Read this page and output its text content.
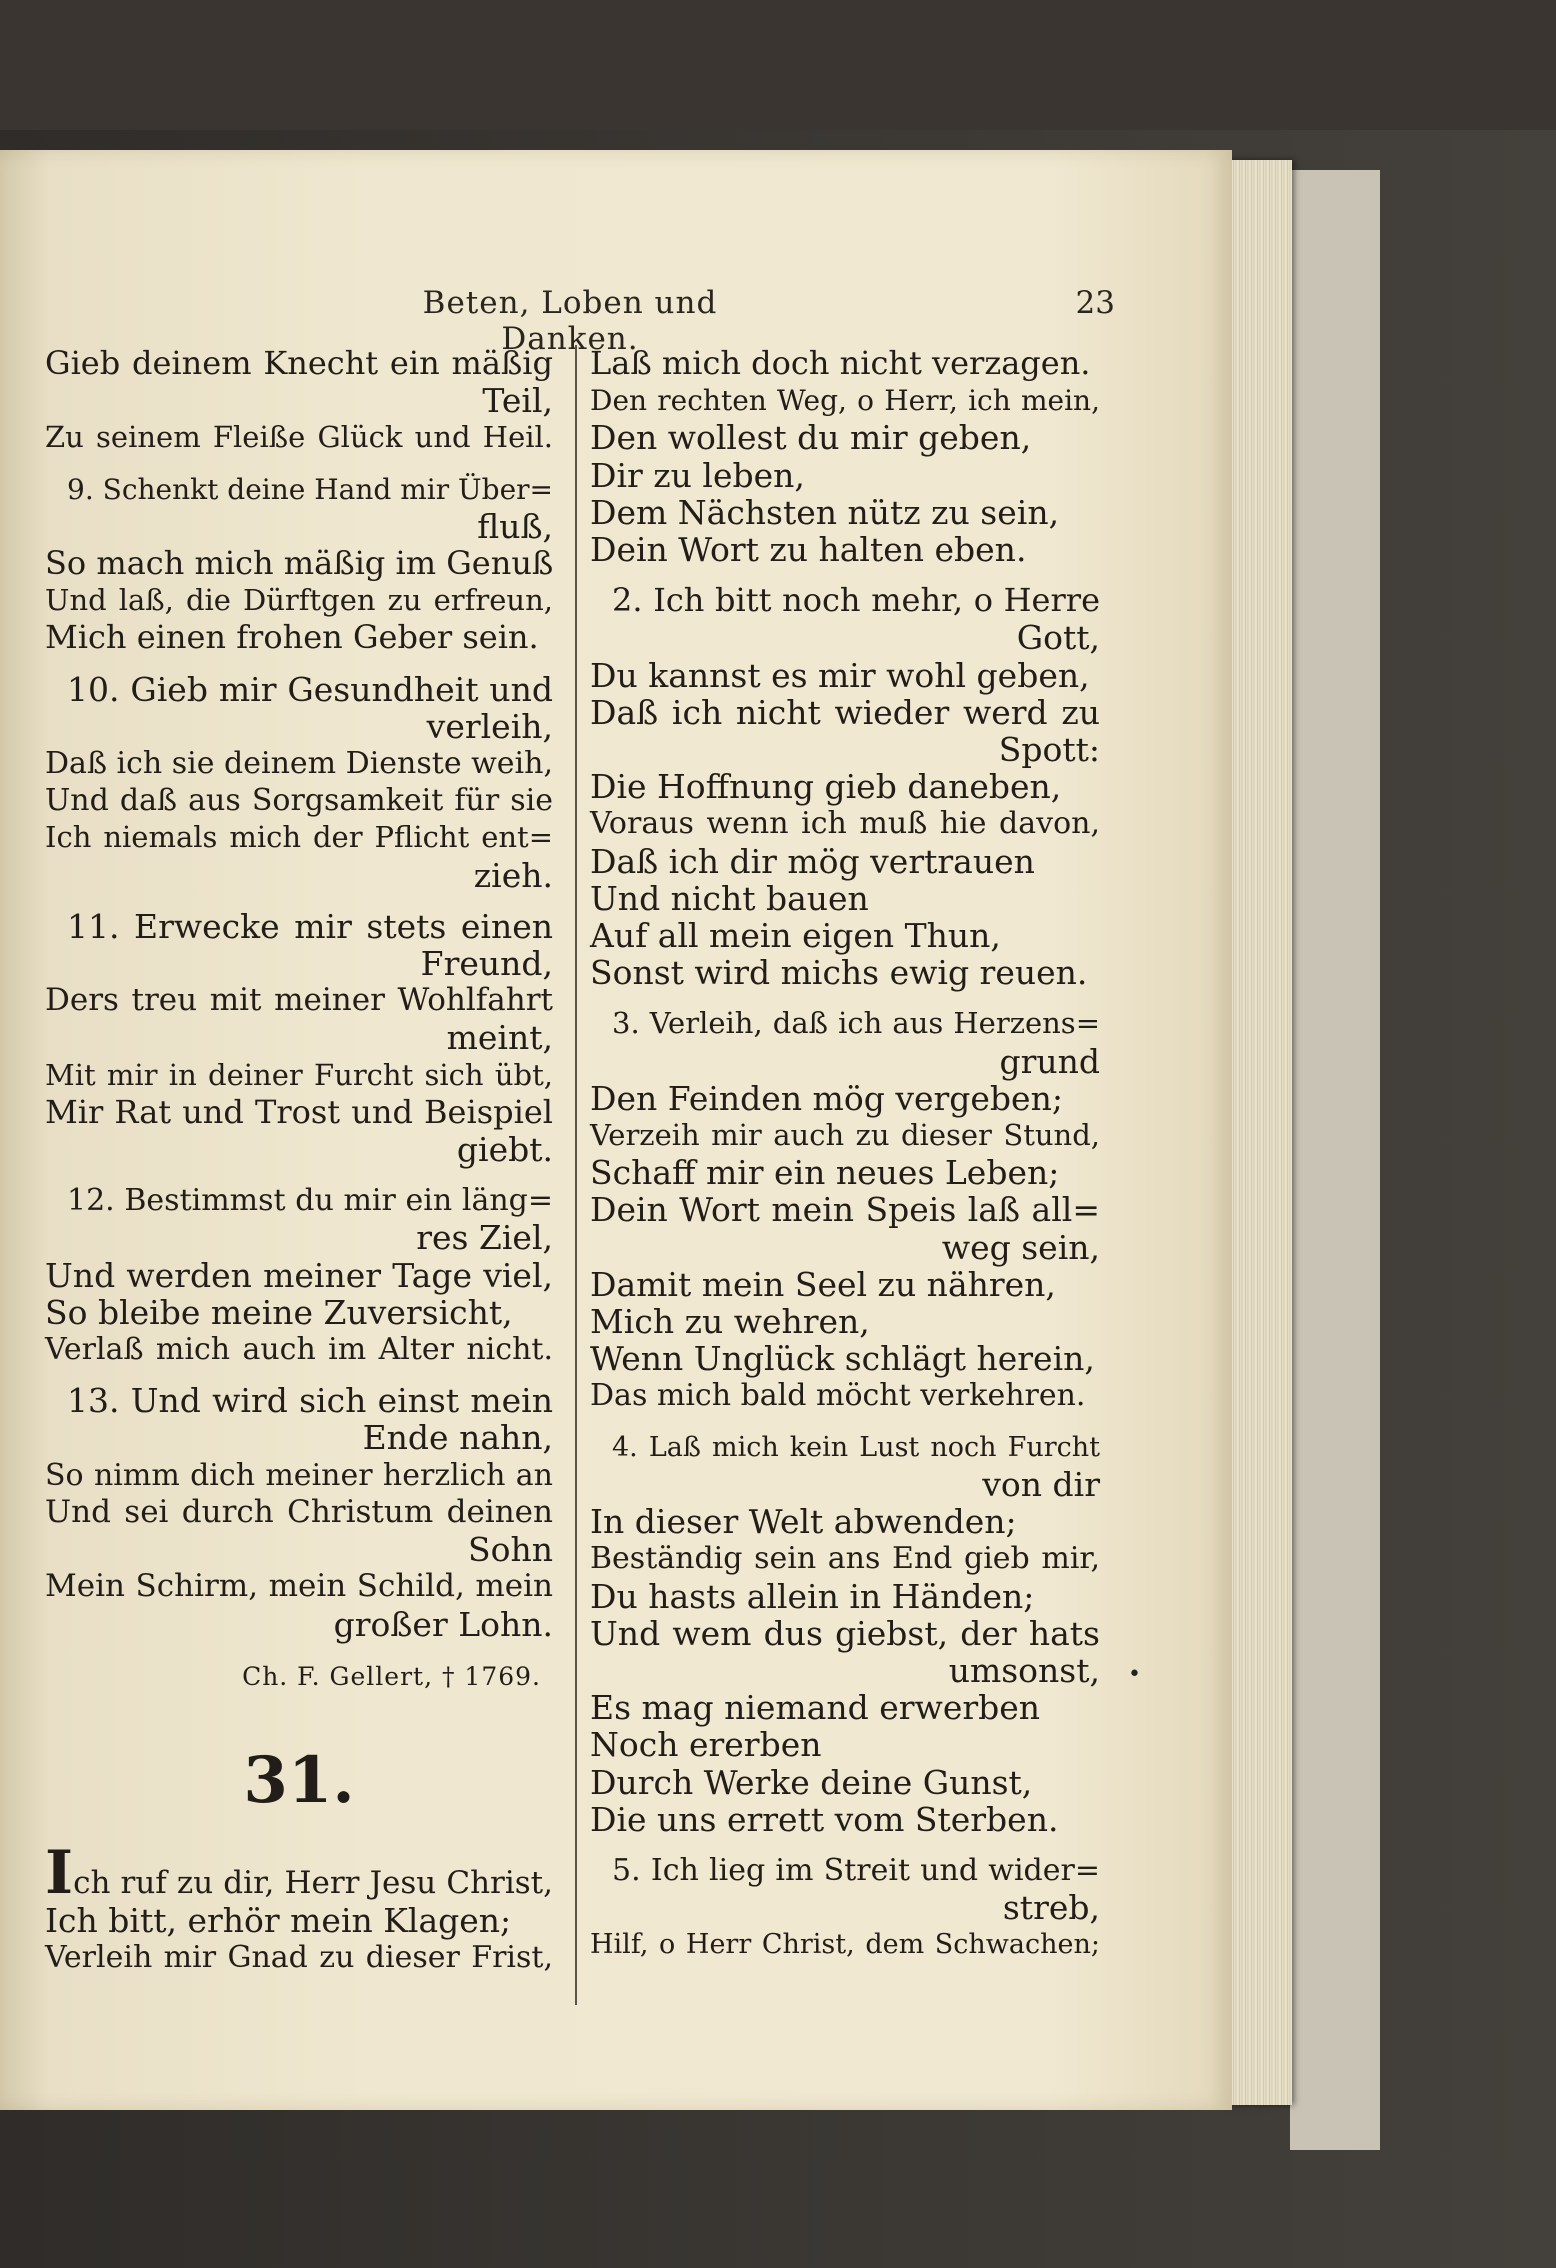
Beten, Loben und Danken.
23
Gieb deinem Knecht ein mäßig
Teil,
Zu seinem Fleiße Glück und Heil.
9. Schenkt deine Hand mir Über=
fluß,
So mach mich mäßig im Genuß
Und laß, die Dürftgen zu erfreun,
Mich einen frohen Geber sein.
10. Gieb mir Gesundheit und
verleih,
Daß ich sie deinem Dienste weih,
Und daß aus Sorgsamkeit für sie
Ich niemals mich der Pflicht ent=
zieh.
11. Erwecke mir stets einen
Freund,
Ders treu mit meiner Wohlfahrt
meint,
Mit mir in deiner Furcht sich übt,
Mir Rat und Trost und Beispiel
giebt.
12. Bestimmst du mir ein läng=
res Ziel,
Und werden meiner Tage viel,
So bleibe meine Zuversicht,
Verlaß mich auch im Alter nicht.
13. Und wird sich einst mein
Ende nahn,
So nimm dich meiner herzlich an
Und sei durch Christum deinen
Sohn
Mein Schirm, mein Schild, mein
großer Lohn.
Ch. F. Gellert, † 1769.
31.
Ich ruf zu dir, Herr Jesu Christ,
Ich bitt, erhör mein Klagen;
Verleih mir Gnad zu dieser Frist,
Laß mich doch nicht verzagen.
Den rechten Weg, o Herr, ich mein,
Den wollest du mir geben,
Dir zu leben,
Dem Nächsten nütz zu sein,
Dein Wort zu halten eben.
2. Ich bitt noch mehr, o Herre
Gott,
Du kannst es mir wohl geben,
Daß ich nicht wieder werd zu
Spott:
Die Hoffnung gieb daneben,
Voraus wenn ich muß hie davon,
Daß ich dir mög vertrauen
Und nicht bauen
Auf all mein eigen Thun,
Sonst wird michs ewig reuen.
3. Verleih, daß ich aus Herzens=
grund
Den Feinden mög vergeben;
Verzeih mir auch zu dieser Stund,
Schaff mir ein neues Leben;
Dein Wort mein Speis laß all=
weg sein,
Damit mein Seel zu nähren,
Mich zu wehren,
Wenn Unglück schlägt herein,
Das mich bald möcht verkehren.
4. Laß mich kein Lust noch Furcht
von dir
In dieser Welt abwenden;
Beständig sein ans End gieb mir,
Du hasts allein in Händen;
Und wem dus giebst, der hats
umsonst,
Es mag niemand erwerben
Noch ererben
Durch Werke deine Gunst,
Die uns errett vom Sterben.
5. Ich lieg im Streit und wider=
streb,
Hilf, o Herr Christ, dem Schwachen;
•
